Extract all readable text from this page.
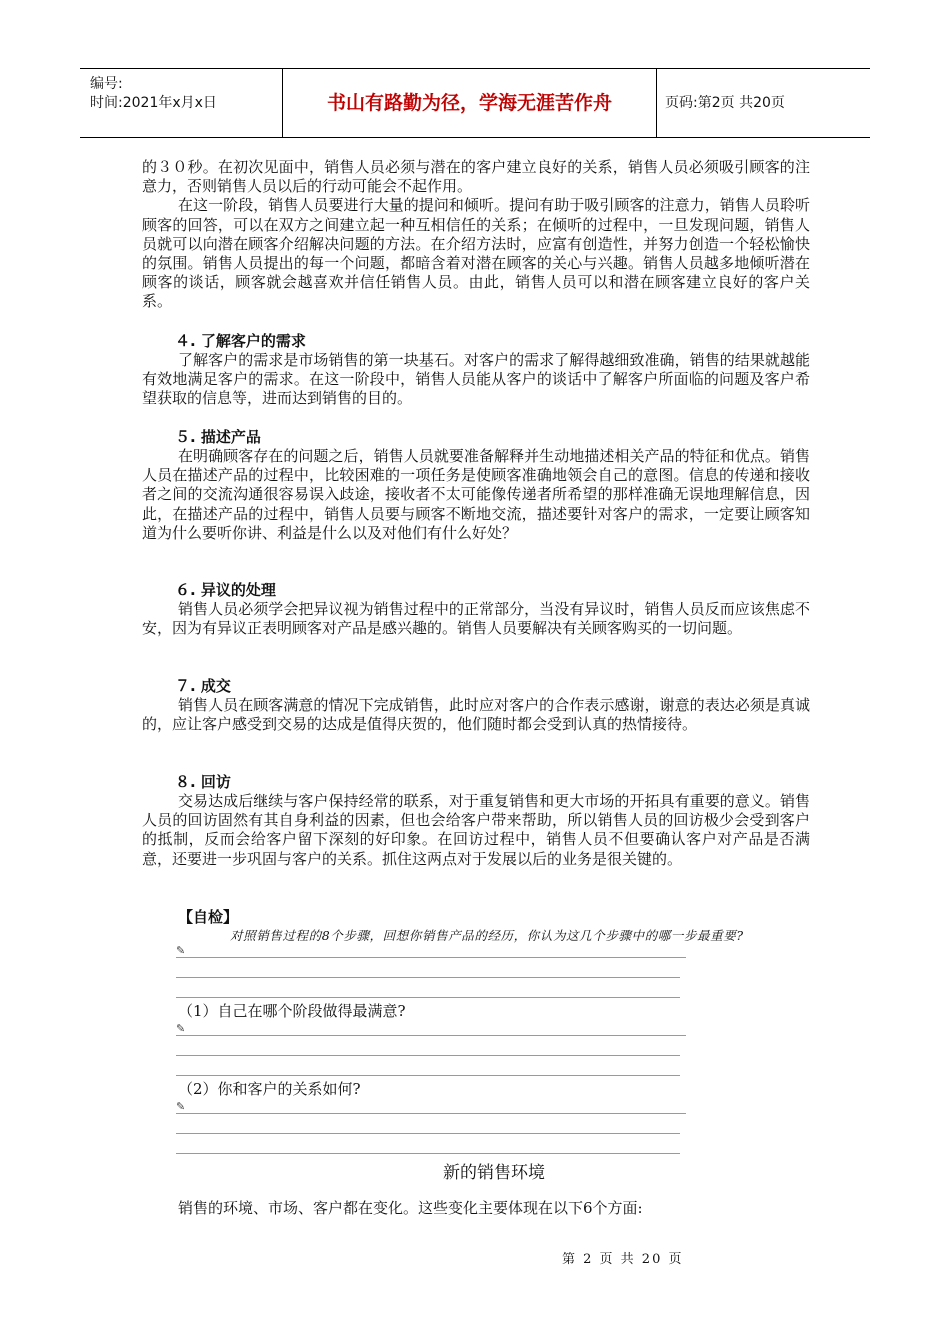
编号:
时间:2021年x月x日	书山有路勤为径，学海无涯苦作舟	页码:第2页 共20页

的３０秒。在初次见面中，销售人员必须与潜在的客户建立良好的关系，销售人员必须吸引顾客的注意力，否则销售人员以后的行动可能会不起作用。

在这一阶段，销售人员要进行大量的提问和倾听。提问有助于吸引顾客的注意力，销售人员聆听顾客的回答，可以在双方之间建立起一种互相信任的关系；在倾听的过程中，一旦发现问题，销售人员就可以向潜在顾客介绍解决问题的方法。在介绍方法时，应富有创造性，并努力创造一个轻松愉快的氛围。销售人员提出的每一个问题，都暗含着对潜在顾客的关心与兴趣。销售人员越多地倾听潜在顾客的谈话，顾客就会越喜欢并信任销售人员。由此，销售人员可以和潜在顾客建立良好的客户关系。

４. 了解客户的需求

了解客户的需求是市场销售的第一块基石。对客户的需求了解得越细致准确，销售的结果就越能有效地满足客户的需求。在这一阶段中，销售人员能从客户的谈话中了解客户所面临的问题及客户希望获取的信息等，进而达到销售的目的。

５. 描述产品

在明确顾客存在的问题之后，销售人员就要准备解释并生动地描述相关产品的特征和优点。销售人员在描述产品的过程中，比较困难的一项任务是使顾客准确地领会自己的意图。信息的传递和接收者之间的交流沟通很容易误入歧途，接收者不太可能像传递者所希望的那样准确无误地理解信息，因此，在描述产品的过程中，销售人员要与顾客不断地交流，描述要针对客户的需求，一定要让顾客知道为什么要听你讲、利益是什么以及对他们有什么好处？

６. 异议的处理

销售人员必须学会把异议视为销售过程中的正常部分，当没有异议时，销售人员反而应该焦虑不安，因为有异议正表明顾客对产品是感兴趣的。销售人员要解决有关顾客购买的一切问题。

７. 成交

销售人员在顾客满意的情况下完成销售，此时应对客户的合作表示感谢，谢意的表达必须是真诚的，应让客户感受到交易的达成是值得庆贺的，他们随时都会受到认真的热情接待。

８. 回访

交易达成后继续与客户保持经常的联系，对于重复销售和更大市场的开拓具有重要的意义。销售人员的回访固然有其自身利益的因素，但也会给客户带来帮助，所以销售人员的回访极少会受到客户的抵制，反而会给客户留下深刻的好印象。在回访过程中，销售人员不但要确认客户对产品是否满意，还要进一步巩固与客户的关系。抓住这两点对于发展以后的业务是很关键的。

【自检】
对照销售过程的8个步骤，回想你销售产品的经历，你认为这几个步骤中的哪一步最重要?
✎
（1）自己在哪个阶段做得最满意?
✎
（2）你和客户的关系如何?
✎
新的销售环境
销售的环境、市场、客户都在变化。这些变化主要体现在以下6个方面:
第 2 页 共 20 页
